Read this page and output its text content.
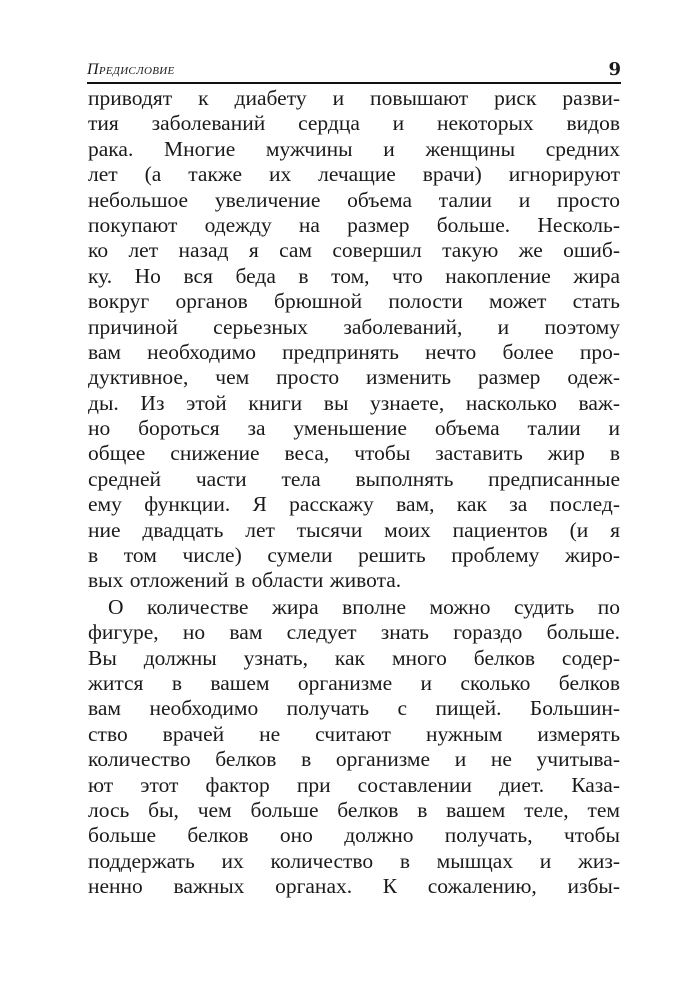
Предисловие	9
приводят к диабету и повышают риск разви-
тия заболеваний сердца и некоторых видов
рака. Многие мужчины и женщины средних
лет (а также их лечащие врачи) игнорируют
небольшое увеличение объема талии и просто
покупают одежду на размер больше. Несколь-
ко лет назад я сам совершил такую же ошиб-
ку. Но вся беда в том, что накопление жира
вокруг органов брюшной полости может стать
причиной серьезных заболеваний, и поэтому
вам необходимо предпринять нечто более про-
дуктивное, чем просто изменить размер одеж-
ды. Из этой книги вы узнаете, насколько важ-
но бороться за уменьшение объема талии и
общее снижение веса, чтобы заставить жир в
средней части тела выполнять предписанные
ему функции. Я расскажу вам, как за послед-
ние двадцать лет тысячи моих пациентов (и я
в том числе) сумели решить проблему жиро-
вых отложений в области живота.
О количестве жира вполне можно судить по
фигуре, но вам следует знать гораздо больше.
Вы должны узнать, как много белков содер-
жится в вашем организме и сколько белков
вам необходимо получать с пищей. Большин-
ство врачей не считают нужным измерять
количество белков в организме и не учитыва-
ют этот фактор при составлении диет. Каза-
лось бы, чем больше белков в вашем теле, тем
больше белков оно должно получать, чтобы
поддержать их количество в мышцах и жиз-
ненно важных органах. К сожалению, избы-
